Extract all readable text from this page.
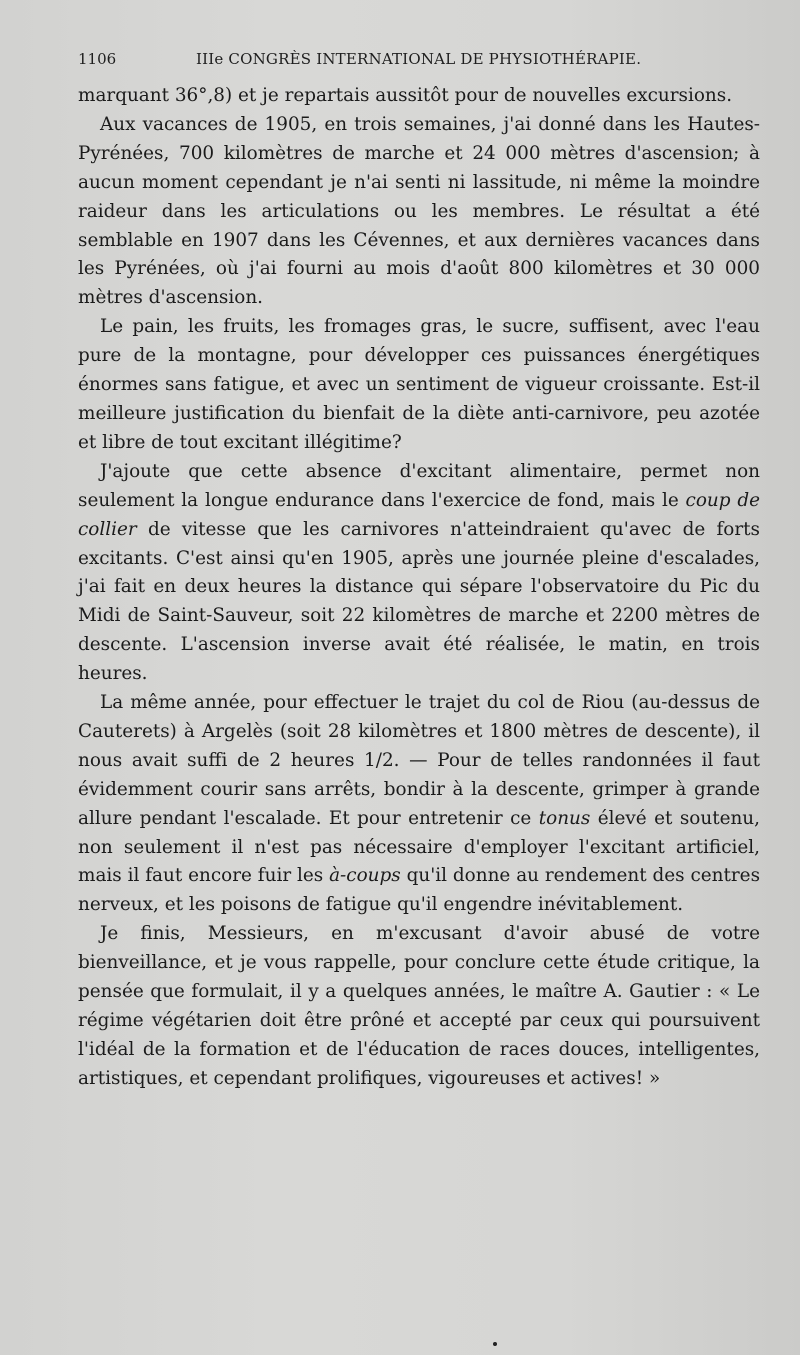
1106	IIIe CONGRÈS INTERNATIONAL DE PHYSIOTHÉRAPIE.

marquant 36°,8) et je repartais aussitôt pour de nouvelles excursions.

Aux vacances de 1905, en trois semaines, j'ai donné dans les Hautes-Pyrénées, 700 kilomètres de marche et 24 000 mètres d'ascension; à aucun moment cependant je n'ai senti ni lassitude, ni même la moindre raideur dans les articulations ou les membres. Le résultat a été semblable en 1907 dans les Cévennes, et aux dernières vacances dans les Pyrénées, où j'ai fourni au mois d'août 800 kilomètres et 30 000 mètres d'ascension.

Le pain, les fruits, les fromages gras, le sucre, suffisent, avec l'eau pure de la montagne, pour développer ces puissances énergétiques énormes sans fatigue, et avec un sentiment de vigueur croissante. Est-il meilleure justification du bienfait de la diète anti-carnivore, peu azotée et libre de tout excitant illégitime?

J'ajoute que cette absence d'excitant alimentaire, permet non seulement la longue endurance dans l'exercice de fond, mais le coup de collier de vitesse que les carnivores n'atteindraient qu'avec de forts excitants. C'est ainsi qu'en 1905, après une journée pleine d'escalades, j'ai fait en deux heures la distance qui sépare l'observatoire du Pic du Midi de Saint-Sauveur, soit 22 kilomètres de marche et 2200 mètres de descente. L'ascension inverse avait été réalisée, le matin, en trois heures.

La même année, pour effectuer le trajet du col de Riou (au-dessus de Cauterets) à Argelès (soit 28 kilomètres et 1800 mètres de descente), il nous avait suffi de 2 heures 1/2. — Pour de telles randonnées il faut évidemment courir sans arrêts, bondir à la descente, grimper à grande allure pendant l'escalade. Et pour entretenir ce tonus élevé et soutenu, non seulement il n'est pas nécessaire d'employer l'excitant artificiel, mais il faut encore fuir les à-coups qu'il donne au rendement des centres nerveux, et les poisons de fatigue qu'il engendre inévitablement.

Je finis, Messieurs, en m'excusant d'avoir abusé de votre bienveillance, et je vous rappelle, pour conclure cette étude critique, la pensée que formulait, il y a quelques années, le maître A. Gautier : « Le régime végétarien doit être prôné et accepté par ceux qui poursuivent l'idéal de la formation et de l'éducation de races douces, intelligentes, artistiques, et cependant prolifiques, vigoureuses et actives! »
